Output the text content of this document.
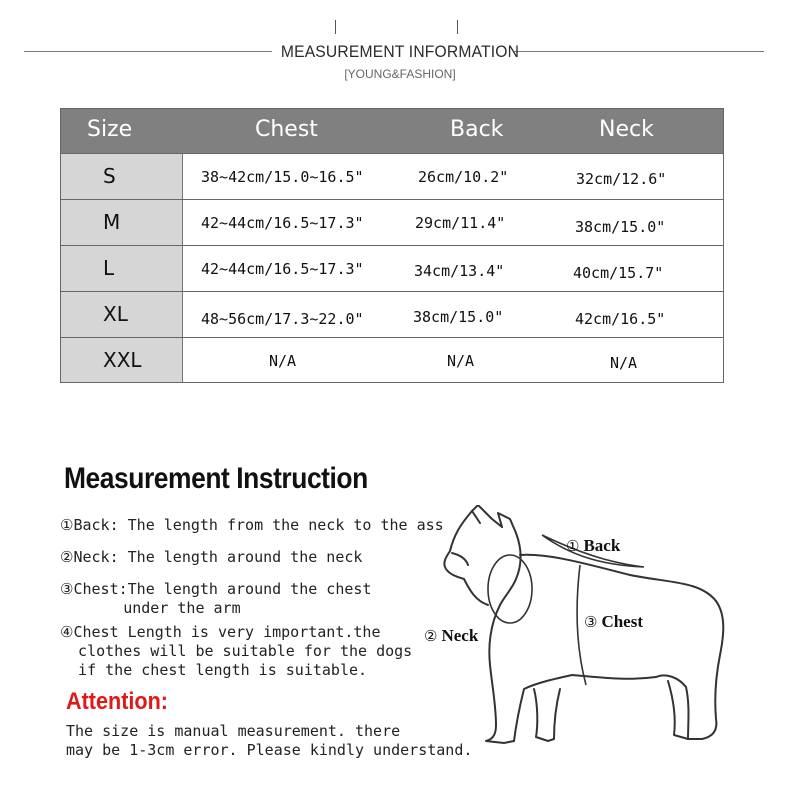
MEASUREMENT INFORMATION
[YOUNG&FASHION]
Size	Chest	Back	Neck
S	38~42cm/15.0~16.5"	26cm/10.2"	32cm/12.6"
M	42~44cm/16.5~17.3"	29cm/11.4"	38cm/15.0"
L	42~44cm/16.5~17.3"	34cm/13.4"	40cm/15.7"
XL	48~56cm/17.3~22.0"	38cm/15.0"	42cm/16.5"
XXL	N/A	N/A	N/A
Measurement Instruction
①Back: The length from the neck to the ass
②Neck: The length around the neck
③Chest:The length around the chest
under the arm
④Chest Length is very important.the
clothes will be suitable for the dogs
if the chest length is suitable.
Attention:
The size is manual measurement. there
may be 1-3cm error. Please kindly understand.
① Back
② Neck
③ Chest
